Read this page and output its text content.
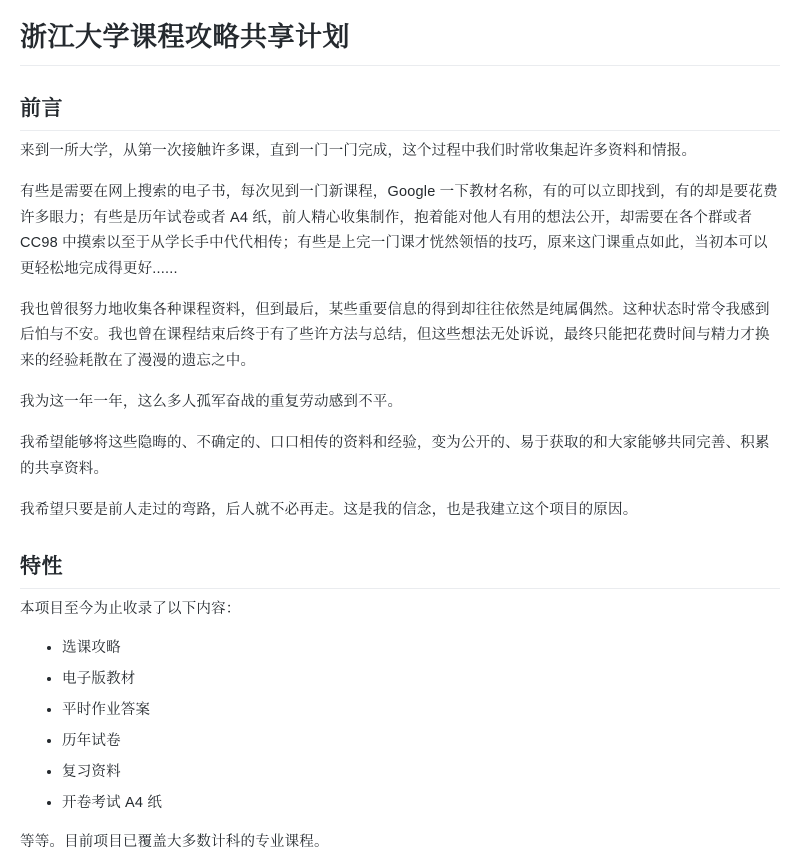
浙江大学课程攻略共享计划
前言

来到一所大学，从第一次接触许多课，直到一门一门完成，这个过程中我们时常收集起许多资料和情报。

有些是需要在网上搜索的电子书，每次见到一门新课程，Google 一下教材名称，有的可以立即找到，有的却是要花费许多眼力；有些是历年试卷或者 A4 纸，前人精心收集制作，抱着能对他人有用的想法公开，却需要在各个群或者 CC98 中摸索以至于从学长手中代代相传；有些是上完一门课才恍然领悟的技巧，原来这门课重点如此，当初本可以更轻松地完成得更好......

我也曾很努力地收集各种课程资料，但到最后，某些重要信息的得到却往往依然是纯属偶然。这种状态时常令我感到后怕与不安。我也曾在课程结束后终于有了些许方法与总结，但这些想法无处诉说，最终只能把花费时间与精力才换来的经验耗散在了漫漫的遗忘之中。

我为这一年一年，这么多人孤军奋战的重复劳动感到不平。

我希望能够将这些隐晦的、不确定的、口口相传的资料和经验，变为公开的、易于获取的和大家能够共同完善、积累的共享资料。

我希望只要是前人走过的弯路，后人就不必再走。这是我的信念，也是我建立这个项目的原因。

特性

本项目至今为止收录了以下内容：

• 选课攻略
• 电子版教材
• 平时作业答案
• 历年试卷
• 复习资料
• 开卷考试 A4 纸

等等。目前项目已覆盖大多数计科的专业课程。
